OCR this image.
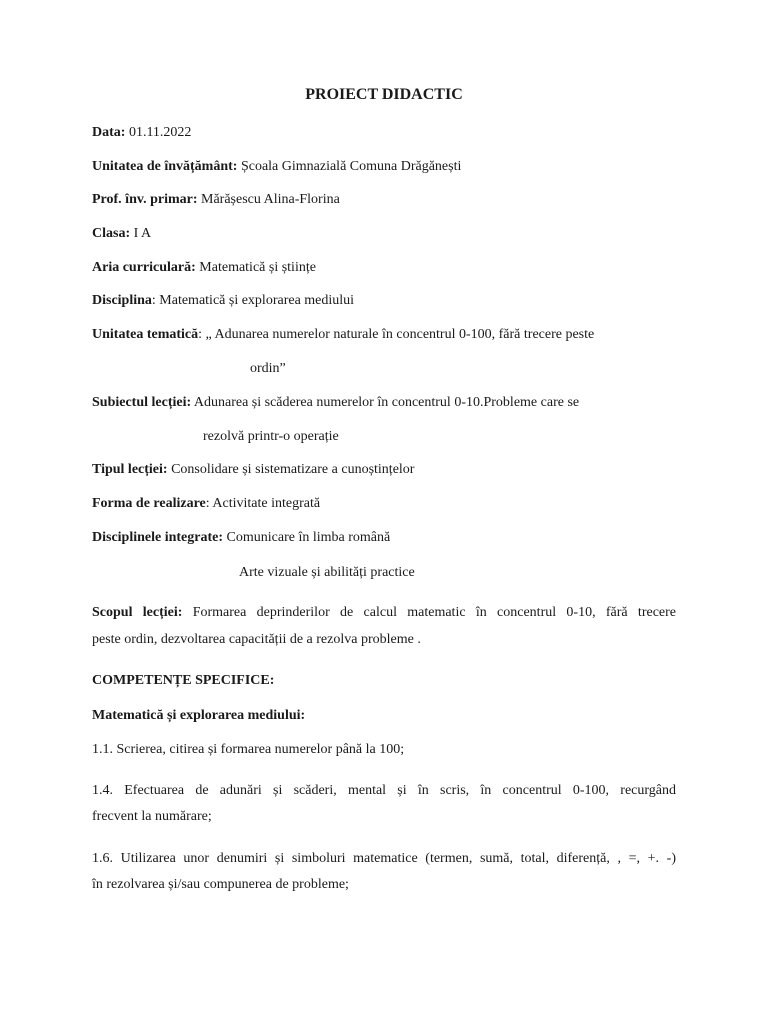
PROIECT DIDACTIC
Data: 01.11.2022
Unitatea de învățământ: Școala Gimnazială Comuna Drăgănești
Prof. înv. primar: Mărășescu Alina-Florina
Clasa: I A
Aria curriculară: Matematică și științe
Disciplina: Matematică și explorarea mediului
Unitatea tematică: „ Adunarea numerelor naturale în concentrul 0-100, fără trecere peste
ordin”
Subiectul lecției: Adunarea și scăderea numerelor în concentrul 0-10.Probleme care se
rezolvă printr-o operație
Tipul lecției: Consolidare și sistematizare a cunoștințelor
Forma de realizare: Activitate integrată
Disciplinele integrate: Comunicare în limba română
Arte vizuale și abilități practice
Scopul lecției: Formarea deprinderilor de calcul matematic în concentrul 0-10, fără trecere
peste ordin, dezvoltarea capacității de a rezolva probleme .
COMPETENȚE SPECIFICE:
Matematică și explorarea mediului:
1.1. Scrierea, citirea și formarea numerelor până la 100;
1.4. Efectuarea de adunări și scăderi, mental și în scris, în concentrul 0-100, recurgând
frecvent la numărare;
1.6. Utilizarea unor denumiri și simboluri matematice (termen, sumă, total, diferență, , =, +. -)
în rezolvarea și/sau compunerea de probleme;
